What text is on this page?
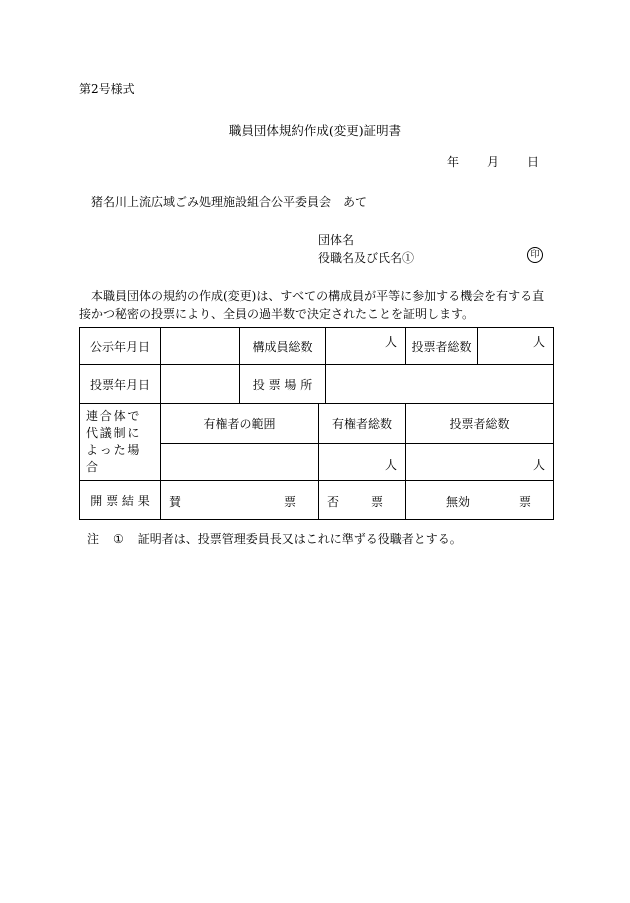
第2号様式
職員団体規約作成(変更)証明書
年 月 日
猪名川上流広域ごみ処理施設組合公平委員会　あて
団体名
役職名及び氏名①	印
本職員団体の規約の作成(変更)は、すべての構成員が平等に参加する機会を有する直接かつ秘密の投票により、全員の過半数で決定されたことを証明します。
公示年月日		構成員総数		人	投票者総数	人

投票年月日		投 票 場 所				
連合体で代議制によった場合	有権者の範囲		有権者総数		投票者総数	

			人		人	

開 票 結 果	賛 票		否 票		無効 票	
注 ① 証明者は、投票管理委員長又はこれに準ずる役職者とする。
